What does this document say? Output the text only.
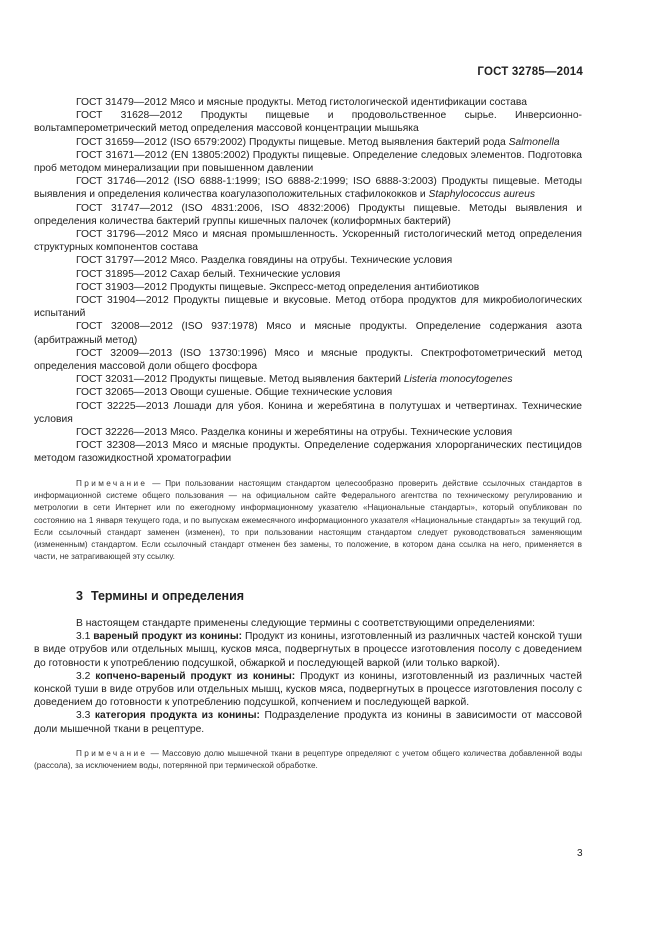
ГОСТ 32785—2014

ГОСТ 31479—2012 Мясо и мясные продукты. Метод гистологической идентификации состава

ГОСТ 31628—2012 Продукты пищевые и продовольственное сырье. Инверсионно-вольтамперометрический метод определения массовой концентрации мышьяка

ГОСТ 31659—2012 (ISO 6579:2002) Продукты пищевые. Метод выявления бактерий рода Salmonella

ГОСТ 31671—2012 (EN 13805:2002) Продукты пищевые. Определение следовых элементов. Подготовка проб методом минерализации при повышенном давлении

ГОСТ 31746—2012 (ISO 6888-1:1999; ISO 6888-2:1999; ISO 6888-3:2003) Продукты пищевые. Методы выявления и определения количества коагулазоположительных стафилококков и Staphylococcus aureus

ГОСТ 31747—2012 (ISO 4831:2006, ISO 4832:2006) Продукты пищевые. Методы выявления и определения количества бактерий группы кишечных палочек (колиформных бактерий)

ГОСТ 31796—2012 Мясо и мясная промышленность. Ускоренный гистологический метод определения структурных компонентов состава

ГОСТ 31797—2012 Мясо. Разделка говядины на отрубы. Технические условия

ГОСТ 31895—2012 Сахар белый. Технические условия

ГОСТ 31903—2012 Продукты пищевые. Экспресс-метод определения антибиотиков

ГОСТ 31904—2012 Продукты пищевые и вкусовые. Метод отбора продуктов для микробиологических испытаний

ГОСТ 32008—2012 (ISO 937:1978) Мясо и мясные продукты. Определение содержания азота (арбитражный метод)

ГОСТ 32009—2013 (ISO 13730:1996) Мясо и мясные продукты. Спектрофотометрический метод определения массовой доли общего фосфора

ГОСТ 32031—2012 Продукты пищевые. Метод выявления бактерий Listeria monocytogenes

ГОСТ 32065—2013 Овощи сушеные. Общие технические условия

ГОСТ 32225—2013 Лошади для убоя. Конина и жеребятина в полутушах и четвертинах. Технические условия

ГОСТ 32226—2013 Мясо. Разделка конины и жеребятины на отрубы. Технические условия

ГОСТ 32308—2013 Мясо и мясные продукты. Определение содержания хлорорганических пестицидов методом газожидкостной хроматографии

Примечание — При пользовании настоящим стандартом целесообразно проверить действие ссылочных стандартов в информационной системе общего пользования — на официальном сайте Федерального агентства по техническому регулированию и метрологии в сети Интернет или по ежегодному информационному указателю «Национальные стандарты», который опубликован по состоянию на 1 января текущего года, и по выпускам ежемесячного информационного указателя «Национальные стандарты» за текущий год. Если ссылочный стандарт заменен (изменен), то при пользовании настоящим стандартом следует руководствоваться заменяющим (измененным) стандартом. Если ссылочный стандарт отменен без замены, то положение, в котором дана ссылка на него, применяется в части, не затрагивающей эту ссылку.

3 Термины и определения

В настоящем стандарте применены следующие термины с соответствующими определениями:

3.1 вареный продукт из конины: Продукт из конины, изготовленный из различных частей конской туши в виде отрубов или отдельных мышц, кусков мяса, подвергнутых в процессе изготовления посолу с доведением до готовности к употреблению подсушкой, обжаркой и последующей варкой (или только варкой).

3.2 копчено-вареный продукт из конины: Продукт из конины, изготовленный из различных частей конской туши в виде отрубов или отдельных мышц, кусков мяса, подвергнутых в процессе изготовления посолу с доведением до готовности к употреблению подсушкой, копчением и последующей варкой.

3.3 категория продукта из конины: Подразделение продукта из конины в зависимости от массовой доли мышечной ткани в рецептуре.

Примечание — Массовую долю мышечной ткани в рецептуре определяют с учетом общего количества добавленной воды (рассола), за исключением воды, потерянной при термической обработке.

3
